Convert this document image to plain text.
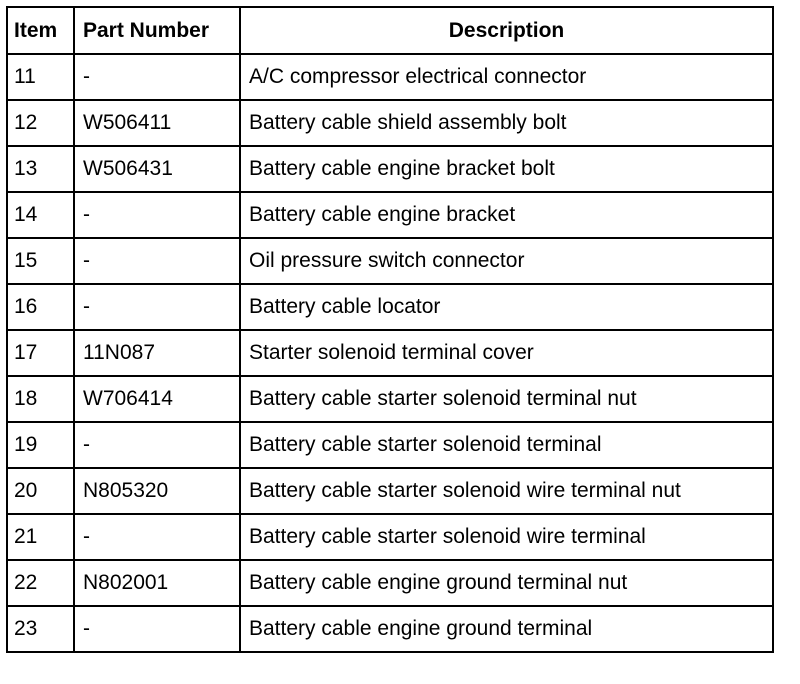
Item	Part Number	Description
11	-	A/C compressor electrical connector
12	W506411	Battery cable shield assembly bolt
13	W506431	Battery cable engine bracket bolt
14	-	Battery cable engine bracket
15	-	Oil pressure switch connector
16	-	Battery cable locator
17	11N087	Starter solenoid terminal cover
18	W706414	Battery cable starter solenoid terminal nut
19	-	Battery cable starter solenoid terminal
20	N805320	Battery cable starter solenoid wire terminal nut
21	-	Battery cable starter solenoid wire terminal
22	N802001	Battery cable engine ground terminal nut
23	-	Battery cable engine ground terminal
